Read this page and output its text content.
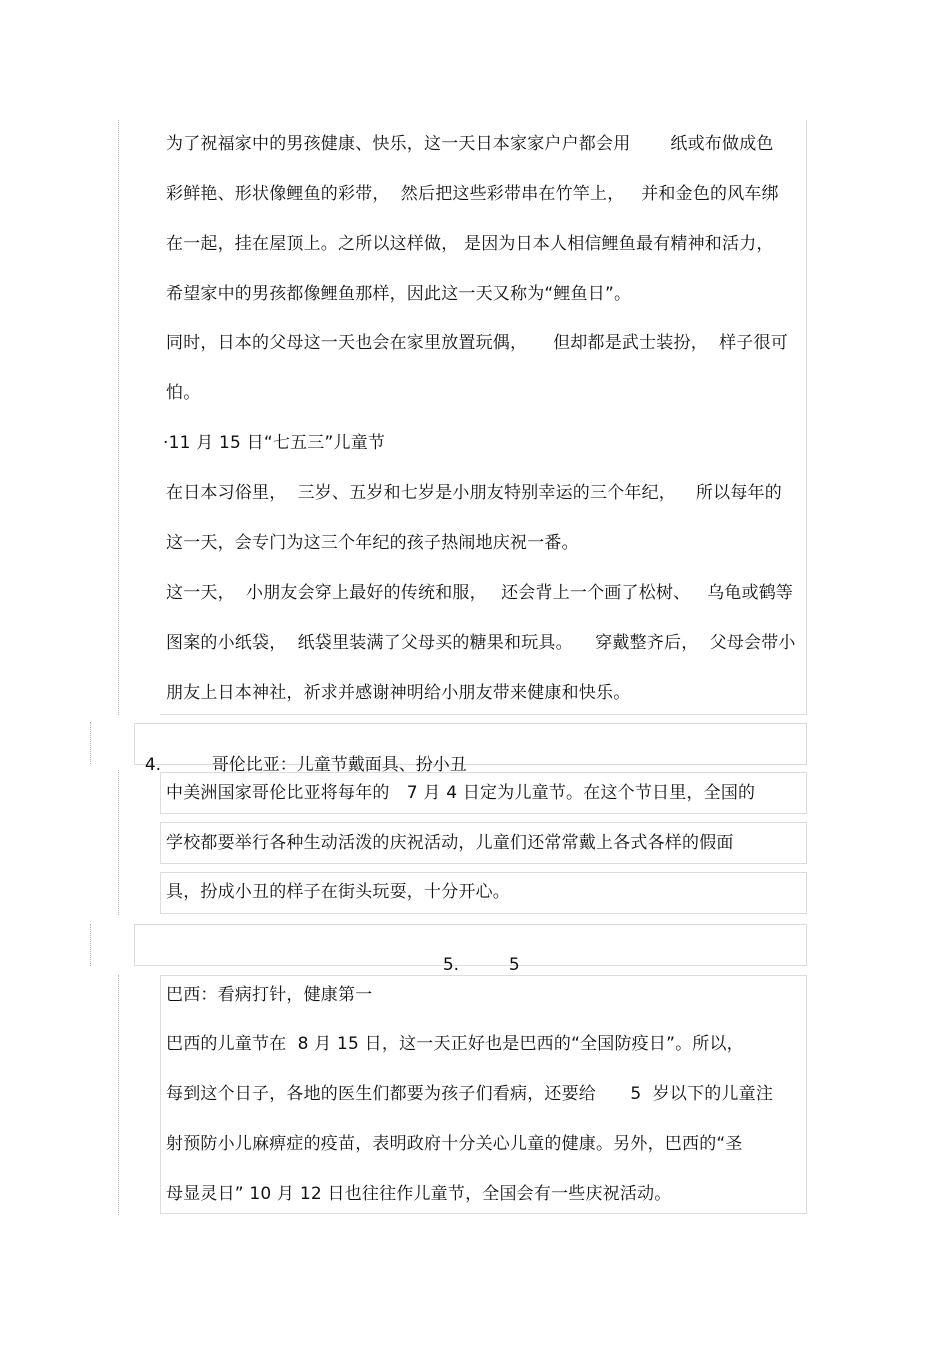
为了祝福家中的男孩健康、快乐，这一天日本家家户户都会用　　 纸或布做成色
彩鲜艳、形状像鲤鱼的彩带，  然后把这些彩带串在竹竿上，   并和金色的风车绑
在一起，挂在屋顶上。之所以这样做， 是因为日本人相信鲤鱼最有精神和活力，
希望家中的男孩都像鲤鱼那样，因此这一天又称为“鲤鱼日”。
同时，日本的父母这一天也会在家里放置玩偶，　　但却都是武士装扮，  样子很可
怕。
·11 月 15 日“七五三”儿童节
在日本习俗里，  三岁、五岁和七岁是小朋友特别幸运的三个年纪，　  所以每年的
这一天，会专门为这三个年纪的孩子热闹地庆祝一番。
这一天，  小朋友会穿上最好的传统和服，　 还会背上一个画了松树、   乌龟或鹤等
图案的小纸袋，  纸袋里装满了父母买的糖果和玩具。    穿戴整齐后，  父母会带小
朋友上日本神社，祈求并感谢神明给小朋友带来健康和快乐。

4.	哥伦比亚：儿童节戴面具、扮小丑

中美洲国家哥伦比亚将每年的　7 月 4 日定为儿童节。在这个节日里，全国的
学校都要举行各种生动活泼的庆祝活动，儿童们还常常戴上各式各样的假面
具，扮成小丑的样子在街头玩耍，十分开心。

5.	5

巴西：看病打针，健康第一
巴西的儿童节在  8 月 15 日，这一天正好也是巴西的“全国防疫日”。所以，
每到这个日子，各地的医生们都要为孩子们看病，还要给　　5  岁以下的儿童注
射预防小儿麻痹症的疫苗，表明政府十分关心儿童的健康。另外，巴西的“圣
母显灵日” 10 月 12 日也往往作儿童节，全国会有一些庆祝活动。
